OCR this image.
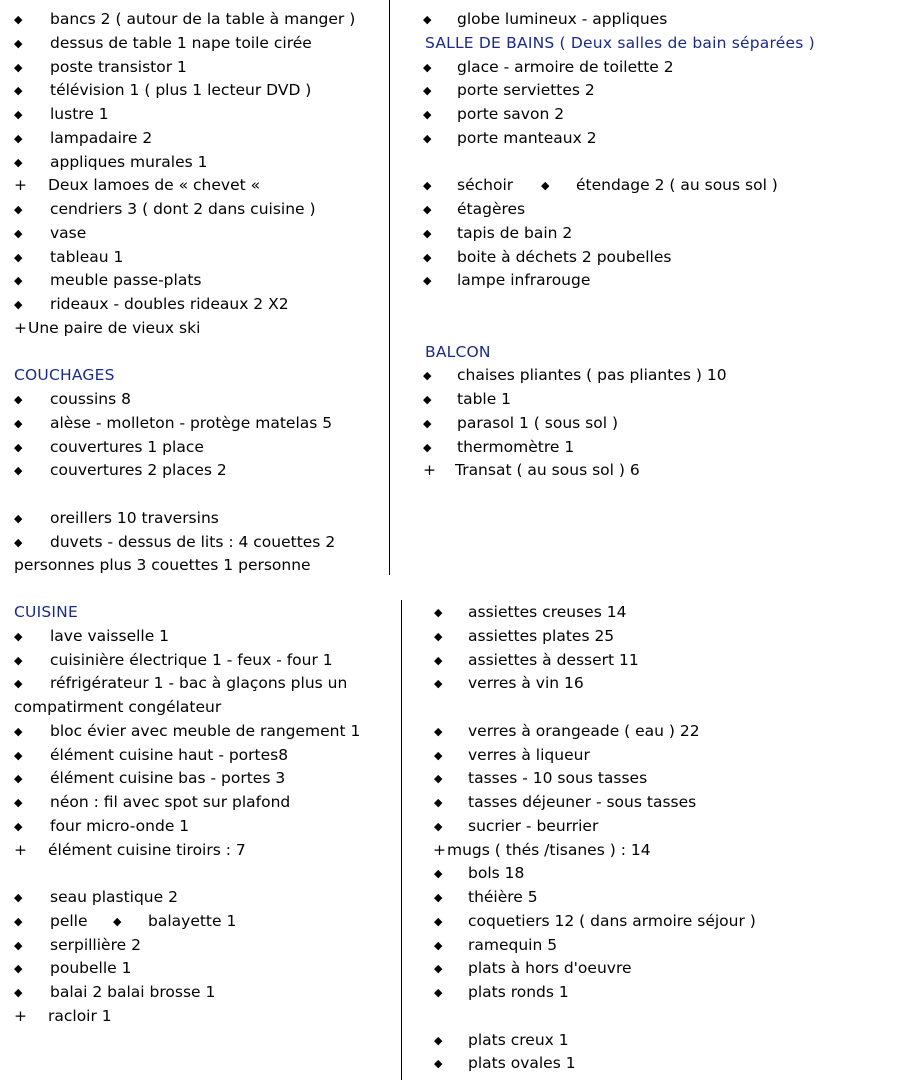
◆ bancs 2 ( autour de la table à manger )
◆ dessus de table 1 nape toile cirée
◆ poste transistor 1
◆ télévision 1 ( plus 1 lecteur DVD )
◆ lustre 1
◆ lampadaire 2
◆ appliques murales 1
+ Deux lamoes de « chevet «
◆ cendriers 3 ( dont 2 dans cuisine )
◆ vase
◆ tableau 1
◆ meuble passe-plats
◆ rideaux - doubles rideaux 2 X2
+ Une paire de vieux ski
COUCHAGES
◆ coussins 8
◆ alèse - molleton - protège matelas 5
◆ couvertures 1 place
◆ couvertures 2 places 2
◆ oreillers 10 traversins
◆ duvets - dessus de lits : 4 couettes 2
personnes plus 3 couettes 1 personne
◆ globe lumineux - appliques
SALLE DE BAINS ( Deux salles de bain séparées )
◆ glace - armoire de toilette 2
◆ porte serviettes 2
◆ porte savon 2
◆ porte manteaux 2
◆ séchoir	◆ étendage 2 ( au sous sol )
◆ étagères
◆ tapis de bain 2
◆ boite à déchets 2 poubelles
◆ lampe infrarouge
BALCON
◆ chaises pliantes ( pas pliantes ) 10
◆ table 1
◆ parasol 1 ( sous sol )
◆ thermomètre 1
+ Transat ( au sous sol ) 6
CUISINE
◆ lave vaisselle 1
◆ cuisinière électrique 1 - feux - four 1
◆ réfrigérateur 1 - bac à glaçons plus un
compatirment congélateur
◆ bloc évier avec meuble de rangement 1
◆ élément cuisine haut - portes8
◆ élément cuisine bas - portes 3
◆ néon : fil avec spot sur plafond
◆ four micro-onde 1
+ élément cuisine tiroirs : 7
◆ seau plastique 2
◆ pelle ◆ balayette 1
◆ serpillière 2
◆ poubelle 1
◆ balai 2 balai brosse 1
+ racloir 1
◆ assiettes creuses 14
◆ assiettes plates 25
◆ assiettes à dessert 11
◆ verres à vin 16
◆ verres à orangeade ( eau ) 22
◆ verres à liqueur
◆ tasses - 10 sous tasses
◆ tasses déjeuner - sous tasses
◆ sucrier - beurrier
+ mugs ( thés /tisanes ) : 14
◆ bols 18
◆ théière 5
◆ coquetiers 12 ( dans armoire séjour )
◆ ramequin 5
◆ plats à hors d'oeuvre
◆ plats ronds 1
◆ plats creux 1
◆ plats ovales 1
